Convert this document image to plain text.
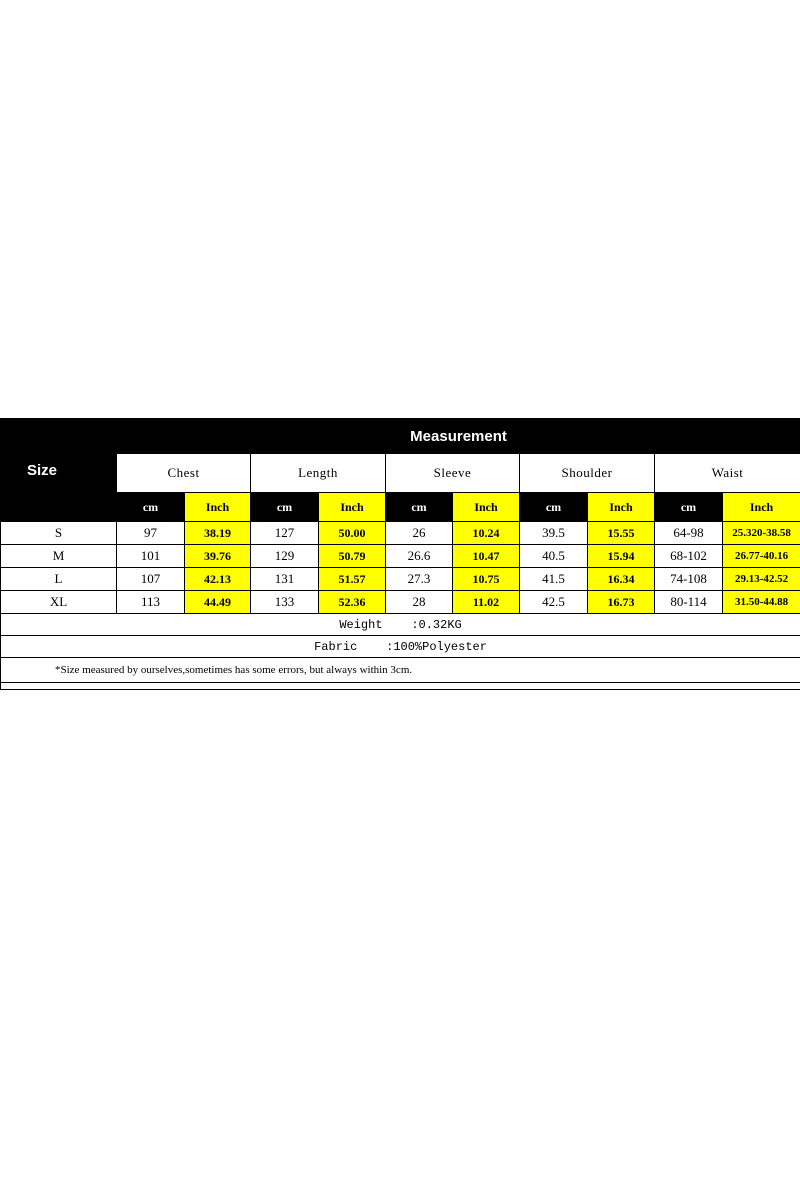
Size	Measurement									
	Chest		Length		Sleeve		Shoulder		Waist	
	cm	Inch	cm	Inch	cm	Inch	cm	Inch	cm	Inch
S	97	38.19	127	50.00	26	10.24	39.5	15.55	64-98	25.320-38.58
M	101	39.76	129	50.79	26.6	10.47	40.5	15.94	68-102	26.77-40.16
L	107	42.13	131	51.57	27.3	10.75	41.5	16.34	74-108	29.13-42.52
XL	113	44.49	133	52.36	28	11.02	42.5	16.73	80-114	31.50-44.88
Weight    :0.32KG										
Fabric    :100%Polyester										
*Size measured by ourselves,sometimes has some errors, but always within 3cm.										
